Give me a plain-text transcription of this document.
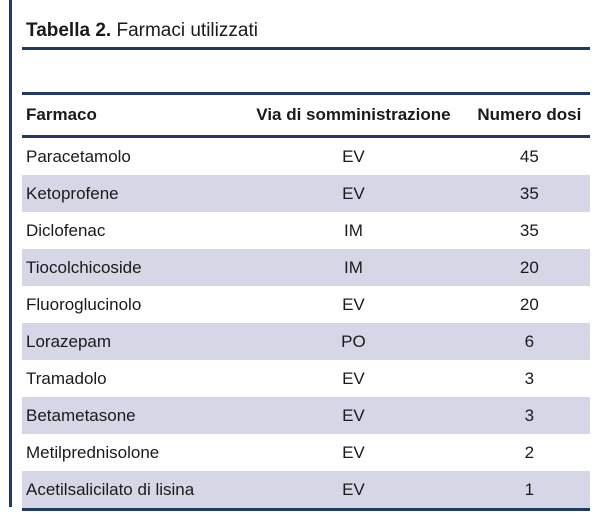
Tabella 2. Farmaci utilizzati
Farmaco	Via di somministrazione	Numero dosi
Paracetamolo	EV	45
Ketoprofene	EV	35
Diclofenac	IM	35
Tiocolchicoside	IM	20
Fluoroglucinolo	EV	20
Lorazepam	PO	6
Tramadolo	EV	3
Betametasone	EV	3
Metilprednisolone	EV	2
Acetilsalicilato di lisina	EV	1
